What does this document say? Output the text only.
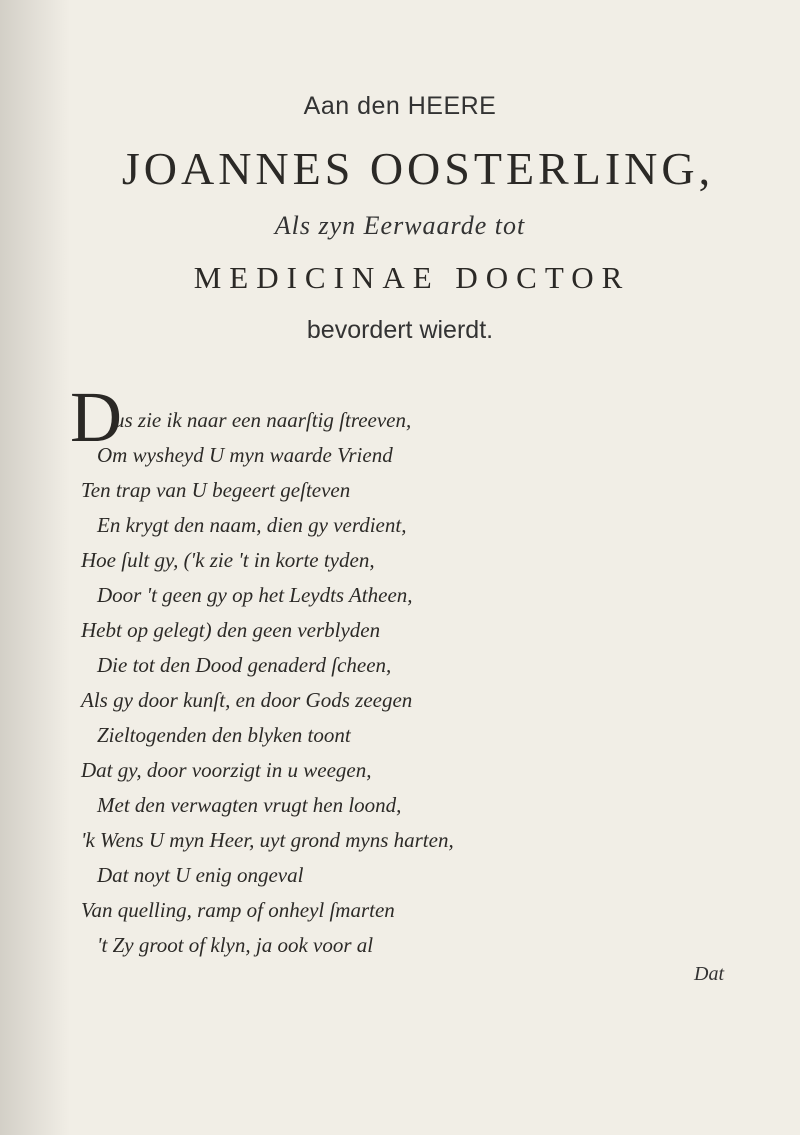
Aan den HEERE
JOANNES OOSTERLING,
Als zyn Eerwaarde tot
MEDICINAE DOCTOR
bevordert wierdt.
D
us zie ik naar een naarſtig ſtreeven,
Om wysheyd U myn waarde Vriend
Ten trap van U begeert geſteven
En krygt den naam, dien gy verdient,
Hoe ſult gy, ('k zie 't in korte tyden,
Door 't geen gy op het Leydts Atheen,
Hebt op gelegt) den geen verblyden
Die tot den Dood genaderd ſcheen,
Als gy door kunſt, en door Gods zeegen
Zieltogenden den blyken toont
Dat gy, door voorzigt in u weegen,
Met den verwagten vrugt hen loond,
'k Wens U myn Heer, uyt grond myns harten,
Dat noyt U enig ongeval
Van quelling, ramp of onheyl ſmarten
't Zy groot of klyn, ja ook voor al
Dat
